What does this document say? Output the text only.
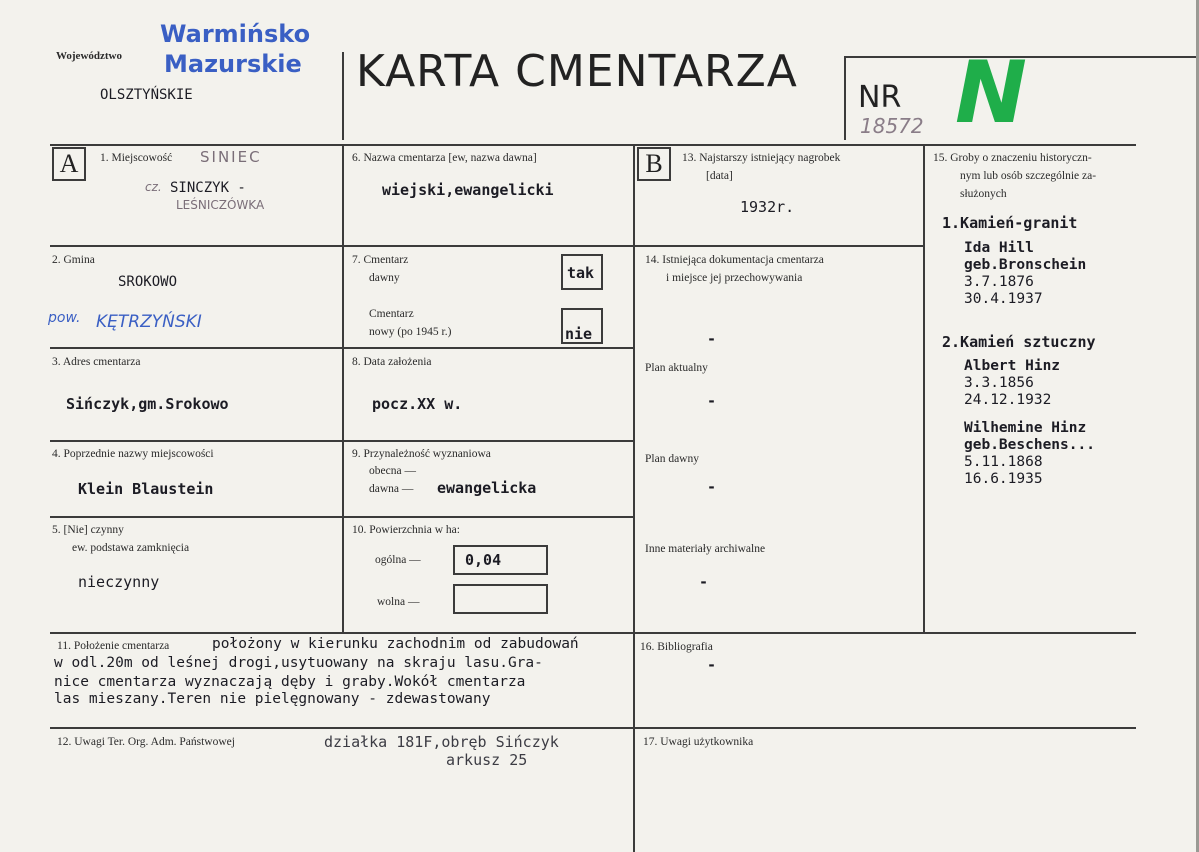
Województwo
Warmińsko
Mazurskie
OLSZTYŃSKIE	KARTA CMENTARZA
NR
18572 N
A	B
1. Miejscowość SINIEC
cz. SINCZYK -
LEŚNICZÓWKA
2. Gmina
SROKOWO
pow. KĘTRZYŃSKI
3. Adres cmentarza
Sińczyk,gm.Srokowo
4. Poprzednie nazwy miejscowości
Klein Blaustein
5. [Nie] czynny
ew. podstawa zamknięcia
nieczynny
6. Nazwa cmentarza [ew, nazwa dawna]
wiejski,ewangelicki
7. Cmentarz
dawny	tak
Cmentarz
nowy (po 1945 r.)	nie
8. Data założenia
pocz.XX w.
9. Przynależność wyznaniowa
obecna —
dawna — ewangelicka
10. Powierzchnia w ha:
ogólna —	0,04
wolna —
13. Najstarszy istniejący nagrobek
[data]
1932r.
14. Istniejąca dokumentacja cmentarza
i miejsce jej przechowywania
-
Plan aktualny
-
Plan dawny
-
Inne materiały archiwalne
-
15. Groby o znaczeniu historyczn-
nym lub osób szczególnie za-
służonych
1.Kamień-granit
Ida Hill
geb.Bronschein
3.7.1876
30.4.1937
2.Kamień sztuczny
Albert Hinz
3.3.1856
24.12.1932
Wilhemine Hinz
geb.Beschens...
5.11.1868
16.6.1935
11. Położenie cmentarza	położony w kierunku zachodnim od zabudowań
w odl.20m od leśnej drogi,usytuowany na skraju lasu.Gra-
nice cmentarza wyznaczają dęby i graby.Wokół cmentarza
las mieszany.Teren nie pielęgnowany - zdewastowany
16. Bibliografia
-
12. Uwagi Ter. Org. Adm. Państwowej	działka 181F,obręb Sińczyk
arkusz 25
17. Uwagi użytkownika
